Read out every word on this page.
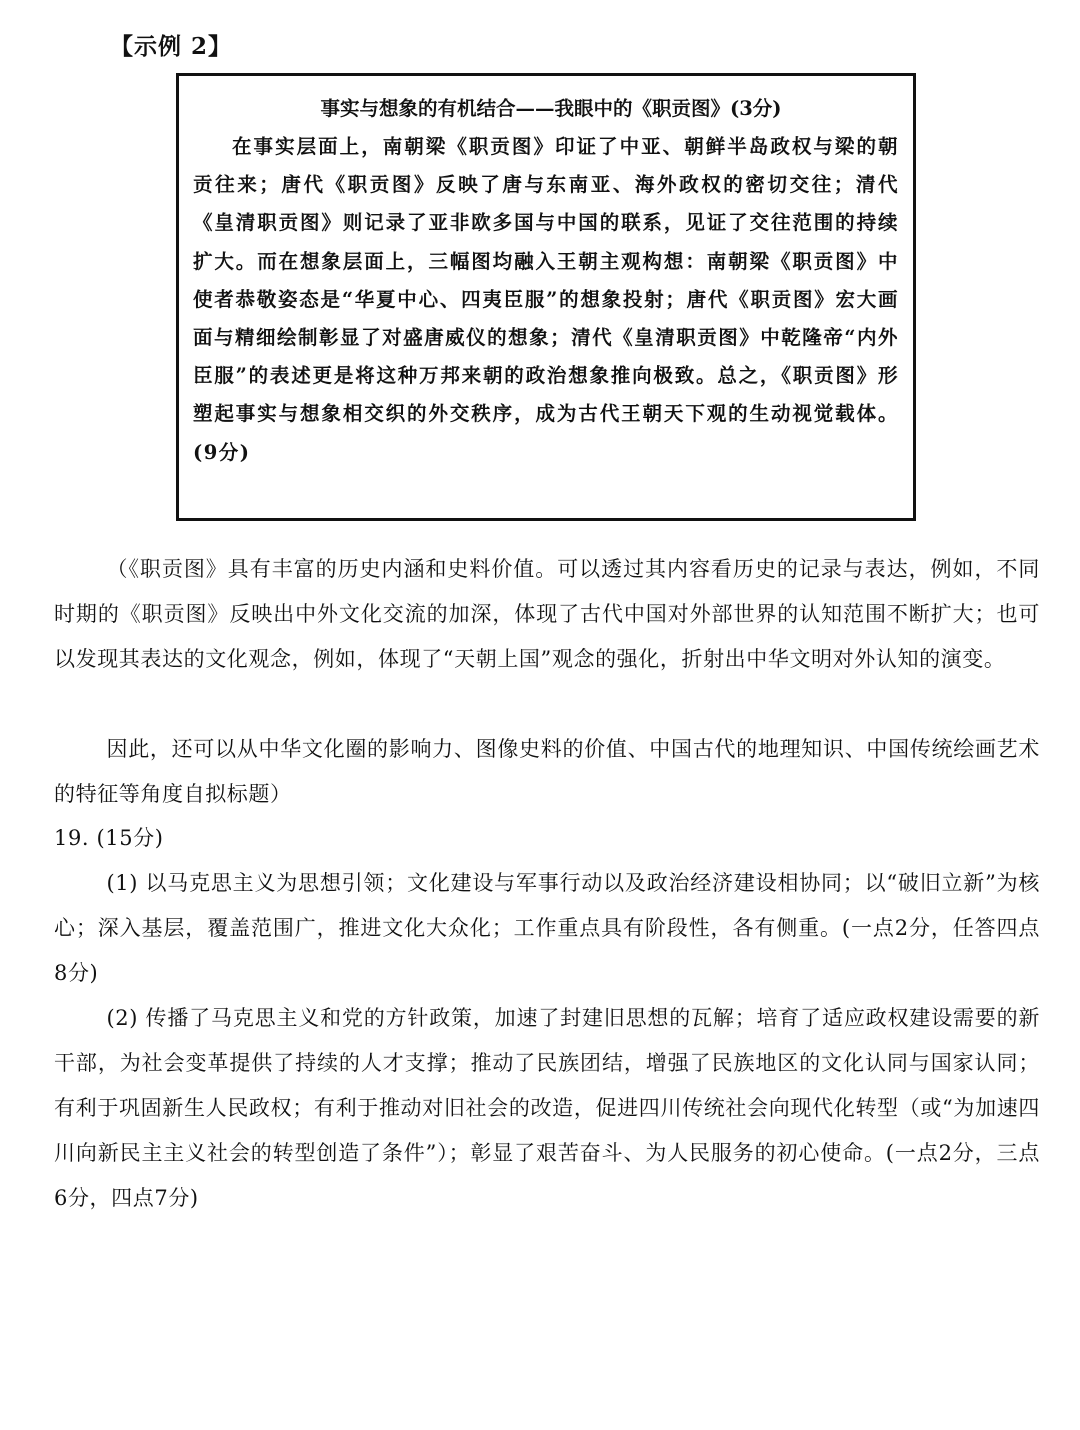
【示例 2】
事实与想象的有机结合——我眼中的《职贡图》(3分)
在事实层面上，南朝梁《职贡图》印证了中亚、朝鲜半岛政权与梁的朝贡往来；唐代《职贡图》反映了唐与东南亚、海外政权的密切交往；清代《皇清职贡图》则记录了亚非欧多国与中国的联系，见证了交往范围的持续扩大。而在想象层面上，三幅图均融入王朝主观构想：南朝梁《职贡图》中使者恭敬姿态是“华夏中心、四夷臣服”的想象投射；唐代《职贡图》宏大画面与精细绘制彰显了对盛唐威仪的想象；清代《皇清职贡图》中乾隆帝“内外臣服”的表述更是将这种万邦来朝的政治想象推向极致。总之，《职贡图》形塑起事实与想象相交织的外交秩序，成为古代王朝天下观的生动视觉载体。(9分)
（《职贡图》具有丰富的历史内涵和史料价值。可以透过其内容看历史的记录与表达，例如，不同时期的《职贡图》反映出中外文化交流的加深，体现了古代中国对外部世界的认知范围不断扩大；也可以发现其表达的文化观念，例如，体现了“天朝上国”观念的强化，折射出中华文明对外认知的演变。
因此，还可以从中华文化圈的影响力、图像史料的价值、中国古代的地理知识、中国传统绘画艺术的特征等角度自拟标题）
19. (15分)
(1) 以马克思主义为思想引领；文化建设与军事行动以及政治经济建设相协同；以“破旧立新”为核心；深入基层，覆盖范围广，推进文化大众化；工作重点具有阶段性，各有侧重。(一点2分，任答四点8分)
(2) 传播了马克思主义和党的方针政策，加速了封建旧思想的瓦解；培育了适应政权建设需要的新干部，为社会变革提供了持续的人才支撑；推动了民族团结，增强了民族地区的文化认同与国家认同；有利于巩固新生人民政权；有利于推动对旧社会的改造，促进四川传统社会向现代化转型（或“为加速四川向新民主主义社会的转型创造了条件”）；彰显了艰苦奋斗、为人民服务的初心使命。(一点2分，三点6分，四点7分)
